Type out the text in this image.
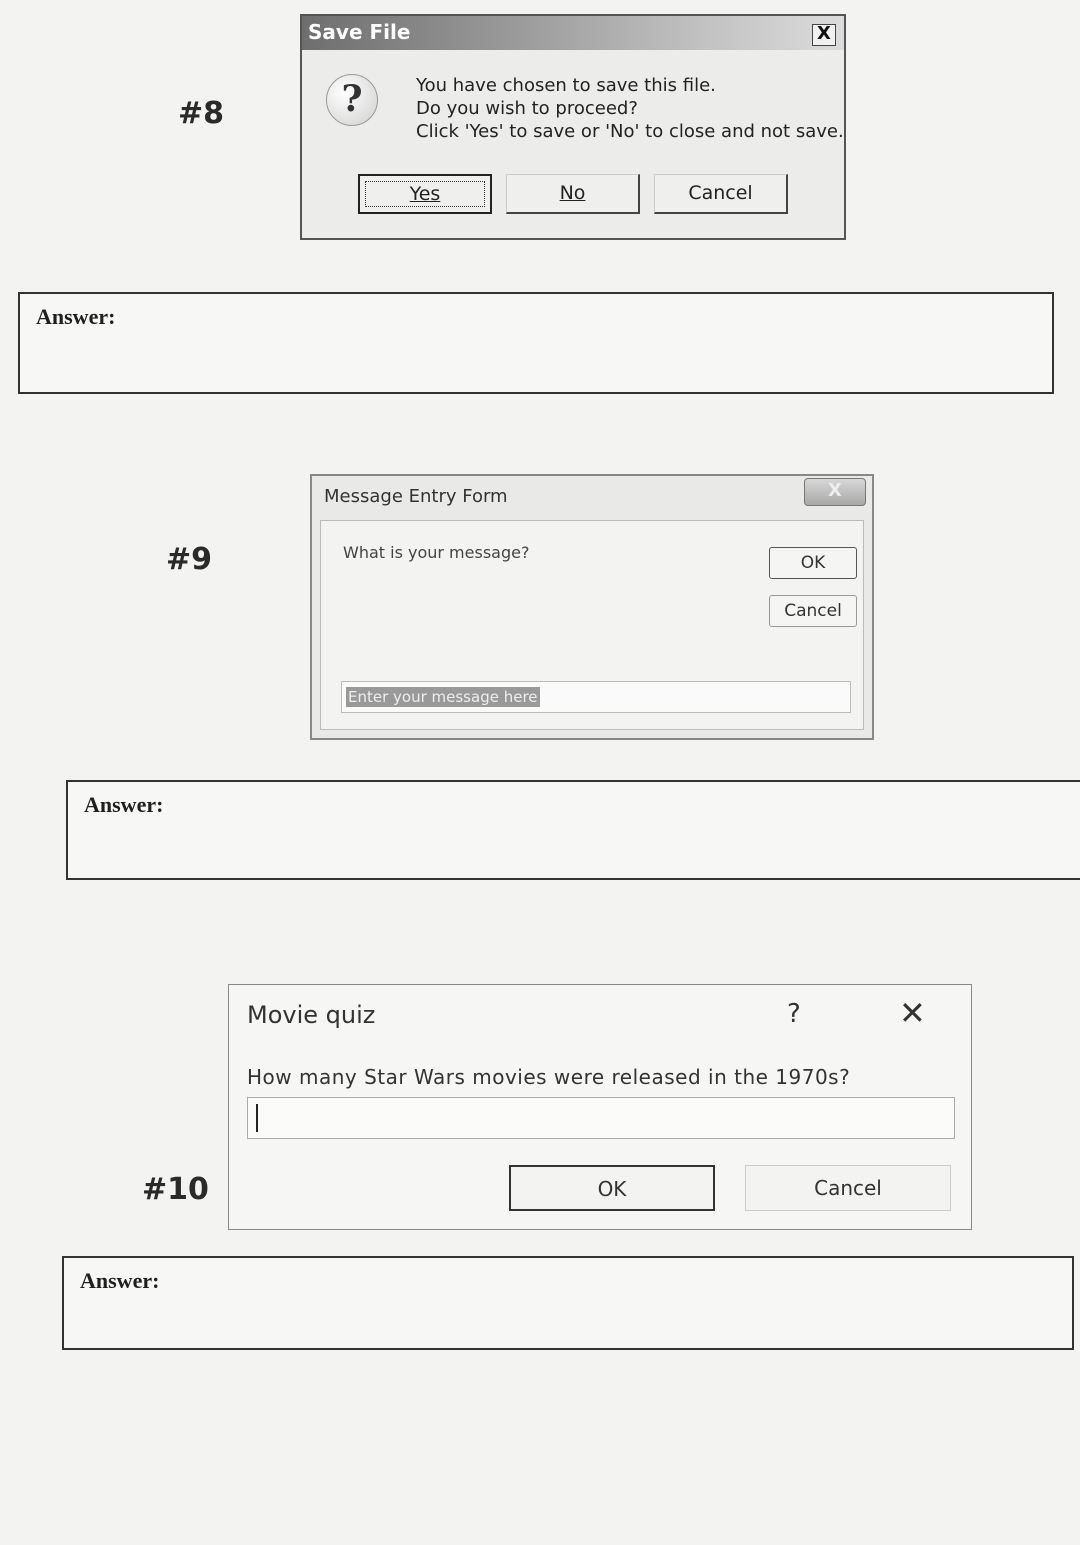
#8
Save File	X
?	You have chosen to save this file.
Do you wish to proceed?
Click 'Yes' to save or 'No' to close and not save.
Yes	No	Cancel
Answer:
#9
Message Entry Form	X
What is your message?
OK
Cancel
Enter your message here
Answer:
Movie quiz	?	✕
How many Star Wars movies were released in the 1970s?
OK	Cancel
#10
Answer:
